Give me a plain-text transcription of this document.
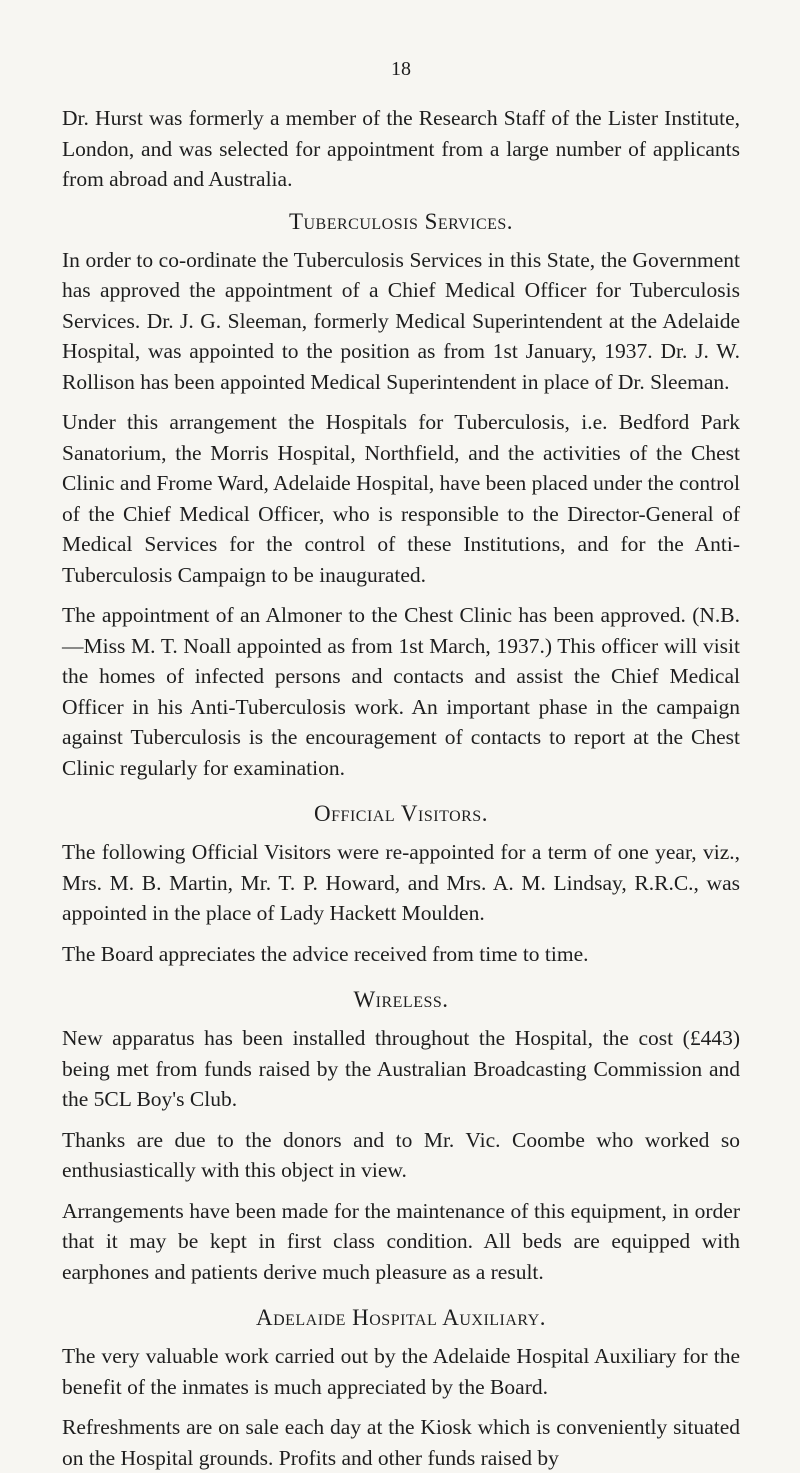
18

Dr. Hurst was formerly a member of the Research Staff of the Lister Institute, London, and was selected for appointment from a large number of applicants from abroad and Australia.

Tuberculosis Services.

In order to co-ordinate the Tuberculosis Services in this State, the Government has approved the appointment of a Chief Medical Officer for Tuberculosis Services. Dr. J. G. Sleeman, formerly Medical Superintendent at the Adelaide Hospital, was appointed to the position as from 1st January, 1937. Dr. J. W. Rollison has been appointed Medical Superintendent in place of Dr. Sleeman.

Under this arrangement the Hospitals for Tuberculosis, i.e. Bedford Park Sanatorium, the Morris Hospital, Northfield, and the activities of the Chest Clinic and Frome Ward, Adelaide Hospital, have been placed under the control of the Chief Medical Officer, who is responsible to the Director-General of Medical Services for the control of these Institutions, and for the Anti-Tuberculosis Campaign to be inaugurated.

The appointment of an Almoner to the Chest Clinic has been approved. (N.B.—Miss M. T. Noall appointed as from 1st March, 1937.) This officer will visit the homes of infected persons and contacts and assist the Chief Medical Officer in his Anti-Tuberculosis work. An important phase in the campaign against Tuberculosis is the encouragement of contacts to report at the Chest Clinic regularly for examination.

Official Visitors.

The following Official Visitors were re-appointed for a term of one year, viz., Mrs. M. B. Martin, Mr. T. P. Howard, and Mrs. A. M. Lindsay, R.R.C., was appointed in the place of Lady Hackett Moulden.

The Board appreciates the advice received from time to time.

Wireless.

New apparatus has been installed throughout the Hospital, the cost (£443) being met from funds raised by the Australian Broadcasting Commission and the 5CL Boy's Club.

Thanks are due to the donors and to Mr. Vic. Coombe who worked so enthusiastically with this object in view.

Arrangements have been made for the maintenance of this equipment, in order that it may be kept in first class condition. All beds are equipped with earphones and patients derive much pleasure as a result.

Adelaide Hospital Auxiliary.

The very valuable work carried out by the Adelaide Hospital Auxiliary for the benefit of the inmates is much appreciated by the Board.

Refreshments are on sale each day at the Kiosk which is conveniently situated on the Hospital grounds. Profits and other funds raised by
